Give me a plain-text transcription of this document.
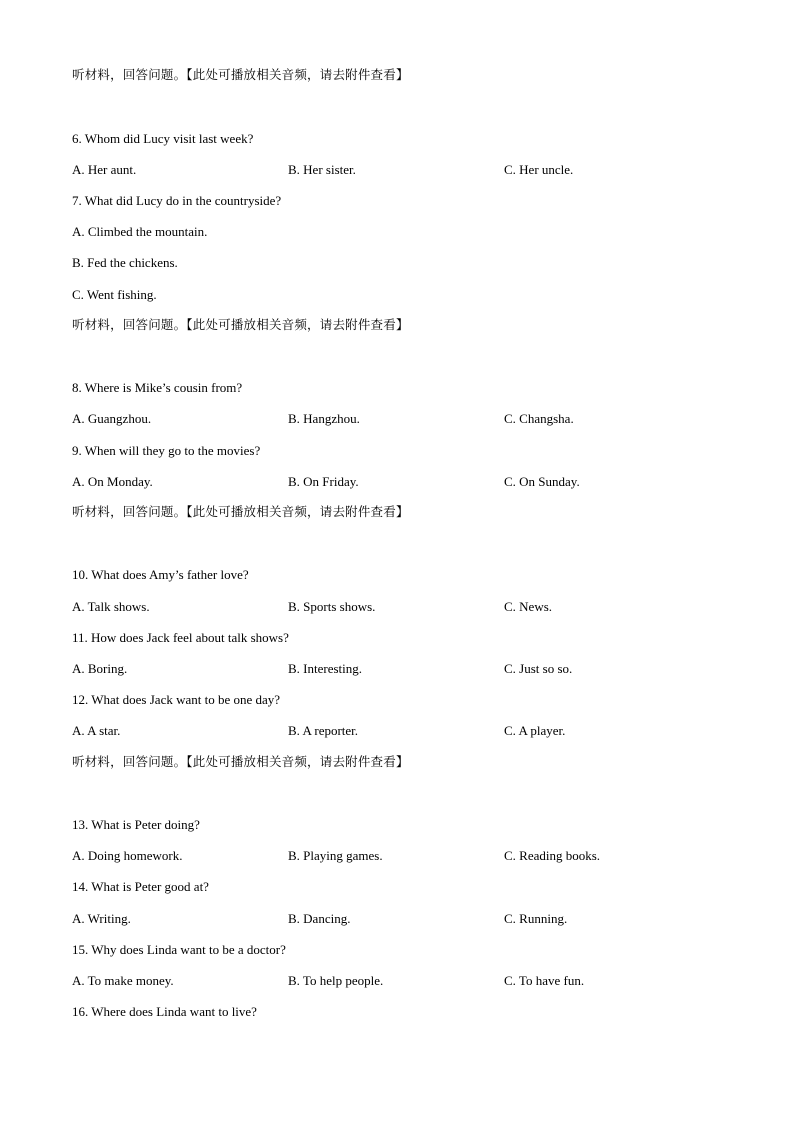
听材料，回答问题。【此处可播放相关音频，请去附件查看】
6. Whom did Lucy visit last week?
A. Her aunt.	B. Her sister.	C. Her uncle.
7. What did Lucy do in the countryside?
A. Climbed the mountain.
B. Fed the chickens.
C. Went fishing.
听材料，回答问题。【此处可播放相关音频，请去附件查看】
8. Where is Mike’s cousin from?
A. Guangzhou.	B. Hangzhou.	C. Changsha.
9. When will they go to the movies?
A. On Monday.	B. On Friday.	C. On Sunday.
听材料，回答问题。【此处可播放相关音频，请去附件查看】
10. What does Amy’s father love?
A. Talk shows.	B. Sports shows.	C. News.
11. How does Jack feel about talk shows?
A. Boring.	B. Interesting.	C. Just so so.
12. What does Jack want to be one day?
A. A star.	B. A reporter.	C. A player.
听材料，回答问题。【此处可播放相关音频，请去附件查看】
13. What is Peter doing?
A. Doing homework.	B. Playing games.	C. Reading books.
14. What is Peter good at?
A. Writing.	B. Dancing.	C. Running.
15. Why does Linda want to be a doctor?
A. To make money.	B. To help people.	C. To have fun.
16. Where does Linda want to live?
